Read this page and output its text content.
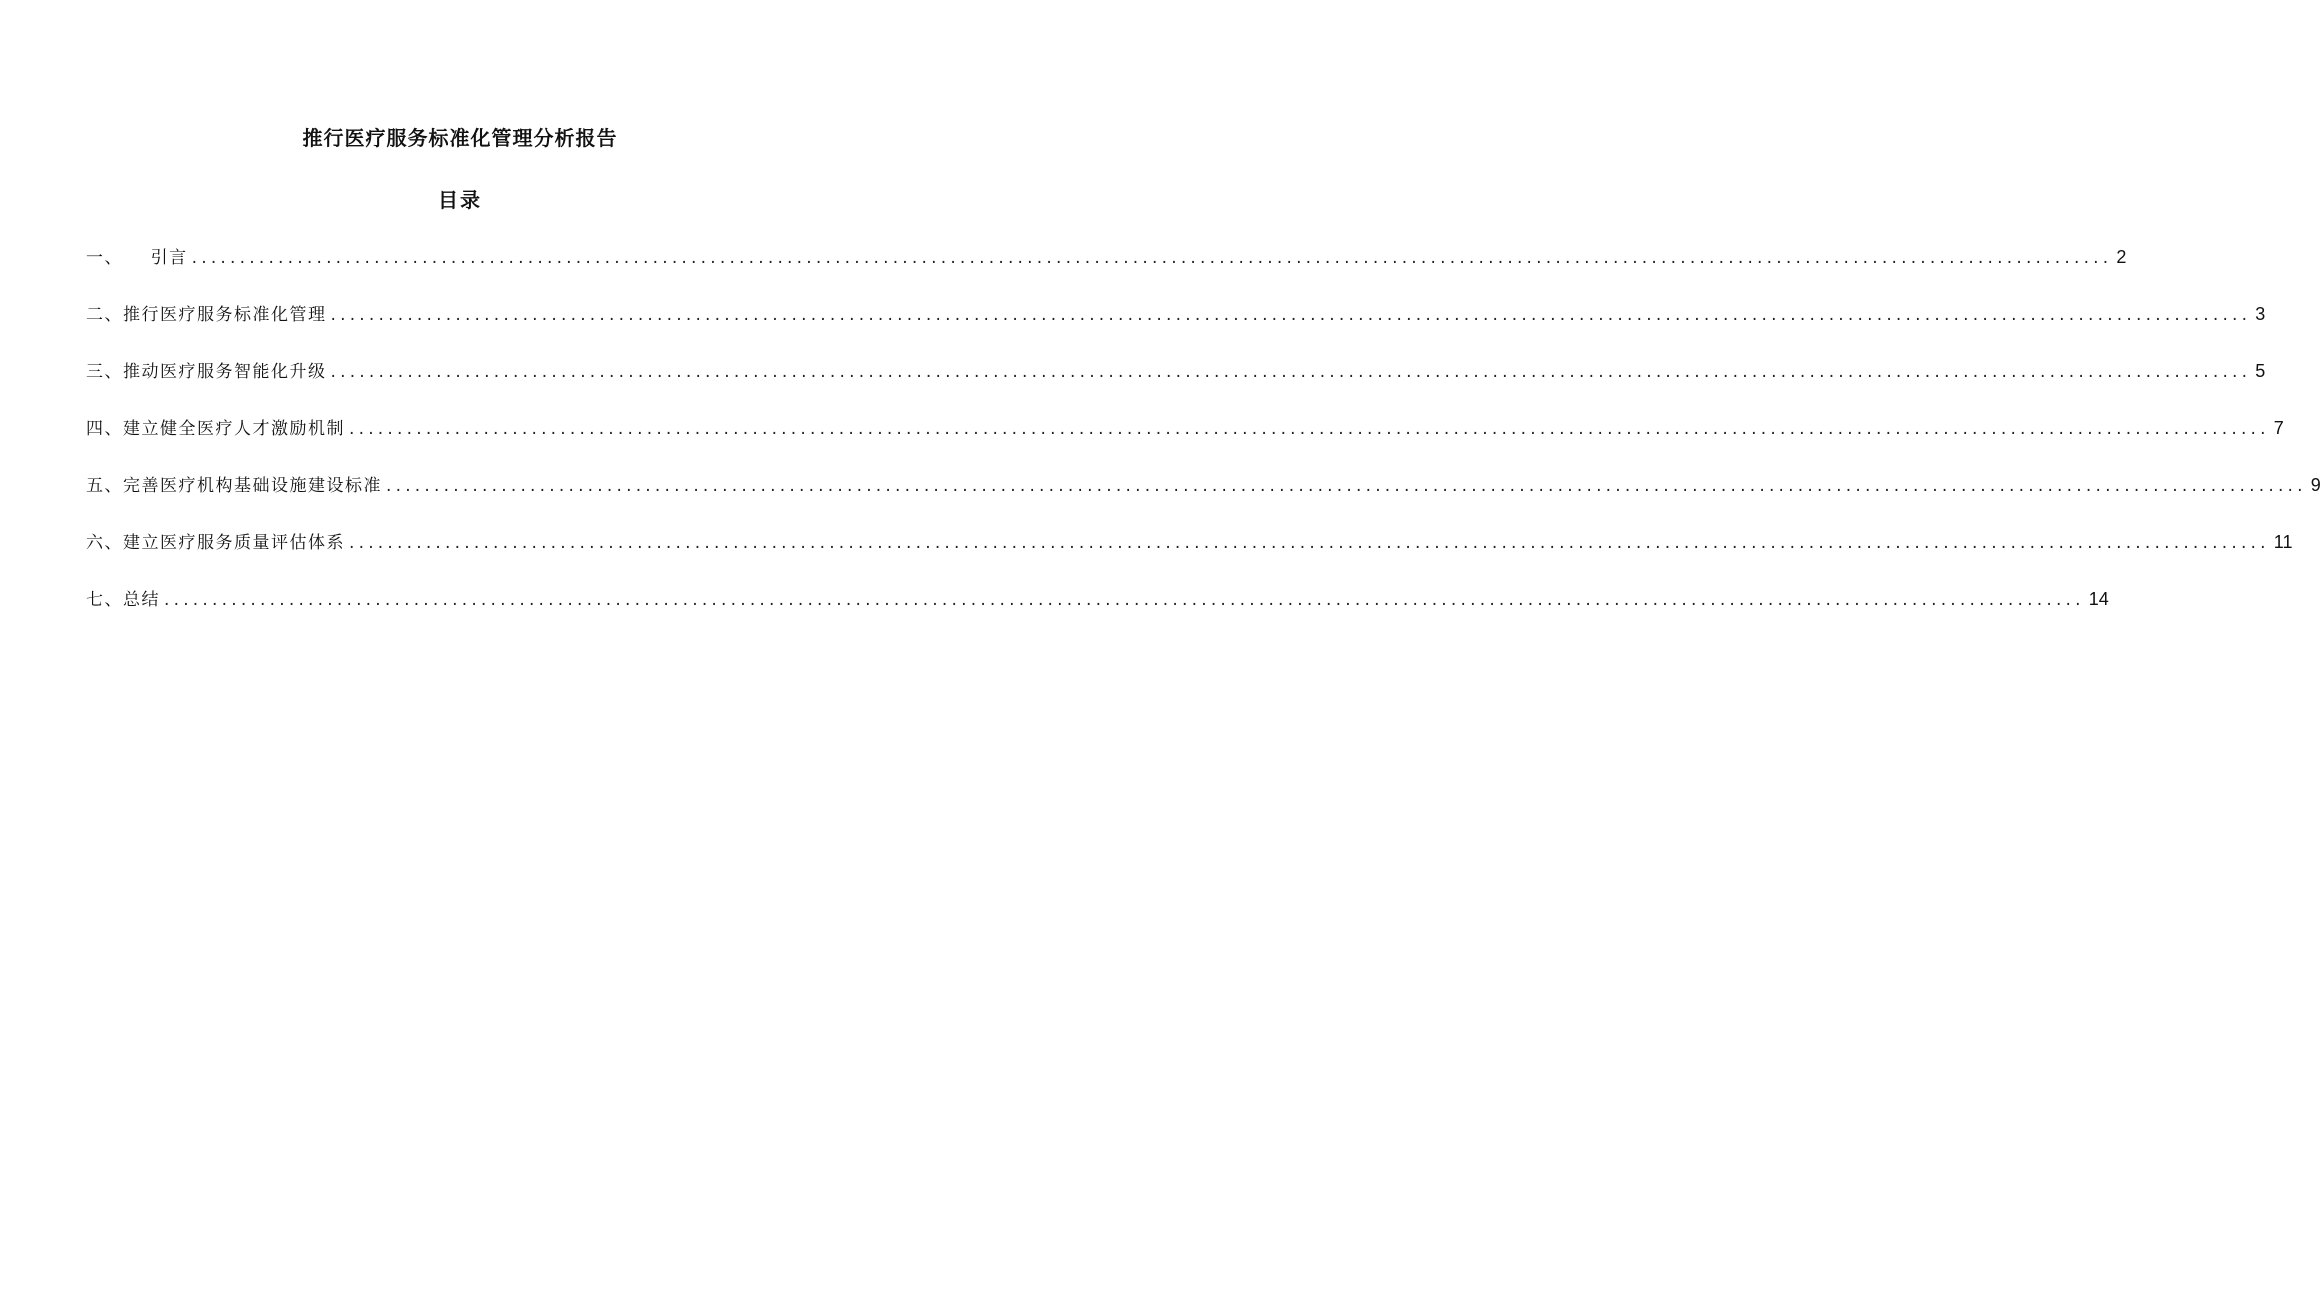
推行医疗服务标准化管理分析报告
目录
一、    引言 ........................................................................................................................................................................................................ 2
二、推行医疗服务标准化管理 ........................................................................................................................................................................................................ 3
三、推动医疗服务智能化升级 ........................................................................................................................................................................................................ 5
四、建立健全医疗人才激励机制 ........................................................................................................................................................................................................ 7
五、完善医疗机构基础设施建设标准 ........................................................................................................................................................................................................ 9
六、建立医疗服务质量评估体系 ........................................................................................................................................................................................................ 11
七、总结 ........................................................................................................................................................................................................ 14
